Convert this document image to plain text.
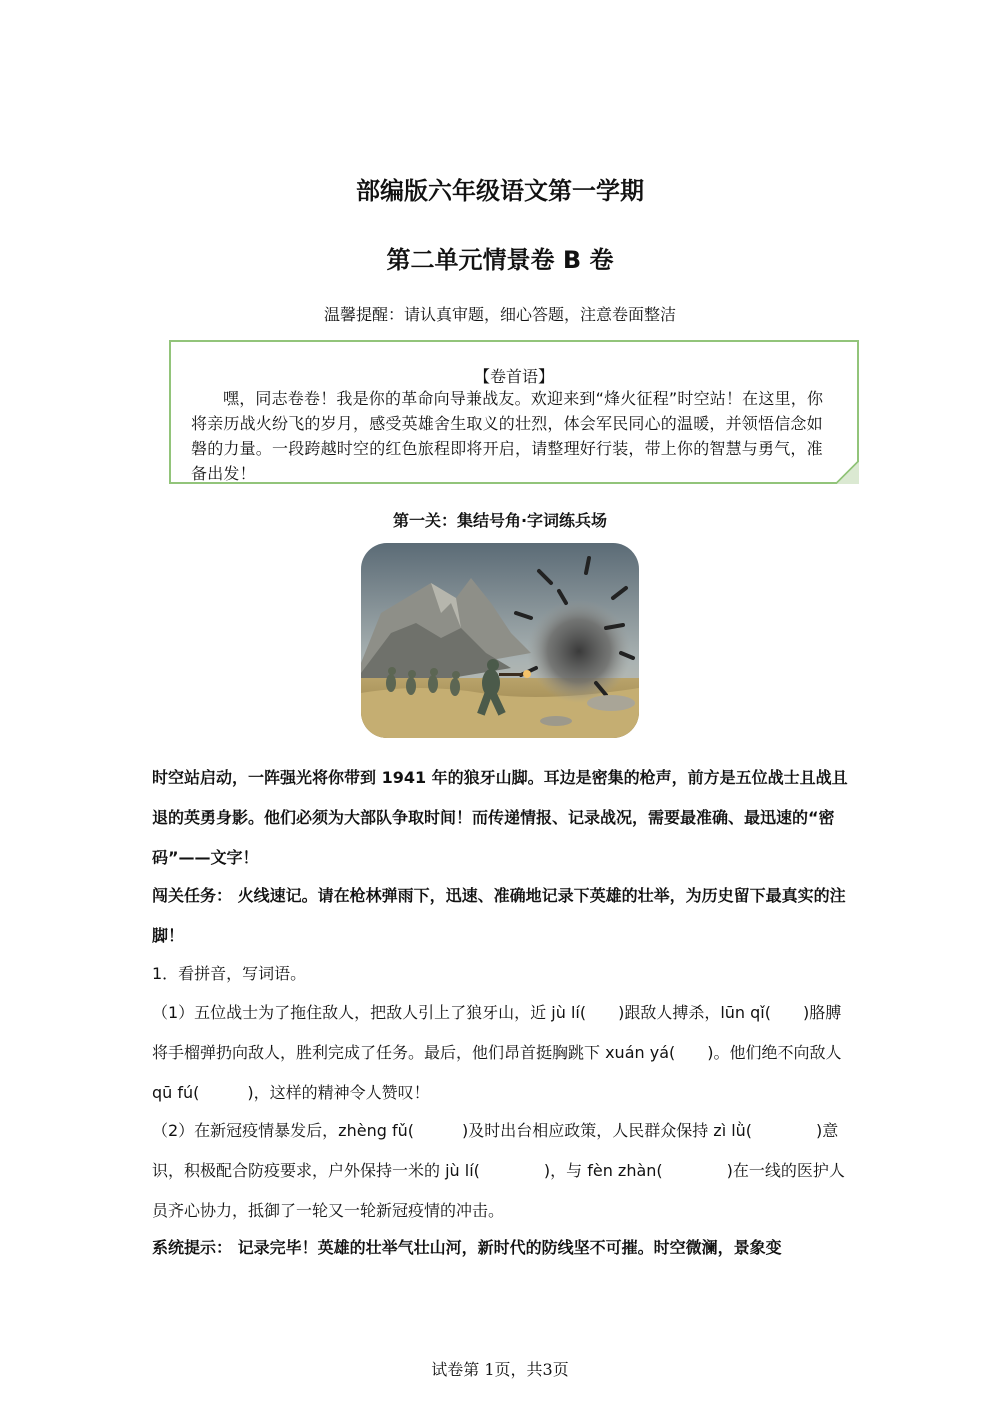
部编版六年级语文第一学期
第二单元情景卷 B 卷
温馨提醒：请认真审题，细心答题，注意卷面整洁
【卷首语】
嘿，同志卷卷！我是你的革命向导兼战友。欢迎来到“烽火征程”时空站！在这里，你将亲历战火纷飞的岁月，感受英雄舍生取义的壮烈，体会军民同心的温暖，并领悟信念如磐的力量。一段跨越时空的红色旅程即将开启，请整理好行装，带上你的智慧与勇气，准备出发！
第一关：集结号角·字词练兵场
时空站启动，一阵强光将你带到 1941 年的狼牙山脚。耳边是密集的枪声，前方是五位战士且战且退的英勇身影。他们必须为大部队争取时间！而传递情报、记录战况，需要最准确、最迅速的“密码”——文字！
闯关任务： 火线速记。请在枪林弹雨下，迅速、准确地记录下英雄的壮举，为历史留下最真实的注脚！
1．看拼音，写词语。
（1）五位战士为了拖住敌人，把敌人引上了狼牙山，近 jù lí(　　)跟敌人搏杀，lūn qǐ(　　)胳膊将手榴弹扔向敌人，胜利完成了任务。最后，他们昂首挺胸跳下 xuán yá(　　)。他们绝不向敌人 qū fú(　　　)，这样的精神令人赞叹！
（2）在新冠疫情暴发后，zhèng fǔ(　　　)及时出台相应政策，人民群众保持 zì lǜ(　　　　)意识，积极配合防疫要求，户外保持一米的 jù lí(　　　　)，与 fèn zhàn(　　　　)在一线的医护人员齐心协力，抵御了一轮又一轮新冠疫情的冲击。
系统提示： 记录完毕！英雄的壮举气壮山河，新时代的防线坚不可摧。时空微澜，景象变
试卷第 1页，共3页
